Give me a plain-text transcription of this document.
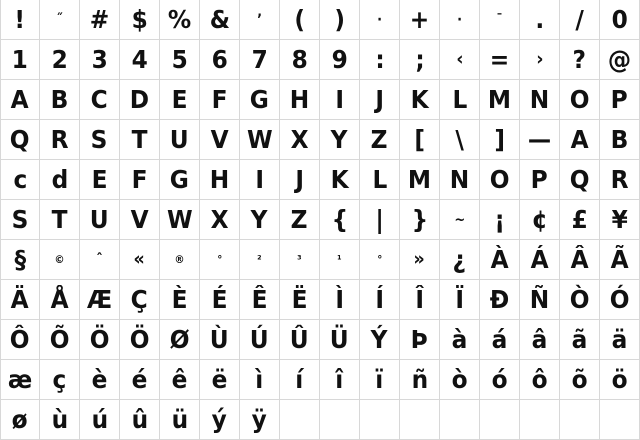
! ˝ # $ % & ’ ( ) · + · ¯ . / 0
1 2 3 4 5 6 7 8 9 : ; ‹ = › ? @
A B C D E F G H I J K L M N O P
Q R S T U V W X Y Z [ \ ] — A B
c d E F G H I J K L M N O P Q R
S T U V W X Y Z { | } ~ ¡ ¢ £ ¥
§	© ˆ «	®	°	²	³	¹	° » ¿ À Á Â Ã
Ä Å Æ Ç È É Ê Ë Ì Í Î Ï Ð Ñ Ò Ó
Ô Õ Ö Ö Ø Ù Ú Û Ü Ý Þ à á â ã ä
æ ç è é ê ë ì í î ï ñ ò ó ô õ ö
ø ù ú û ü ý ÿ
